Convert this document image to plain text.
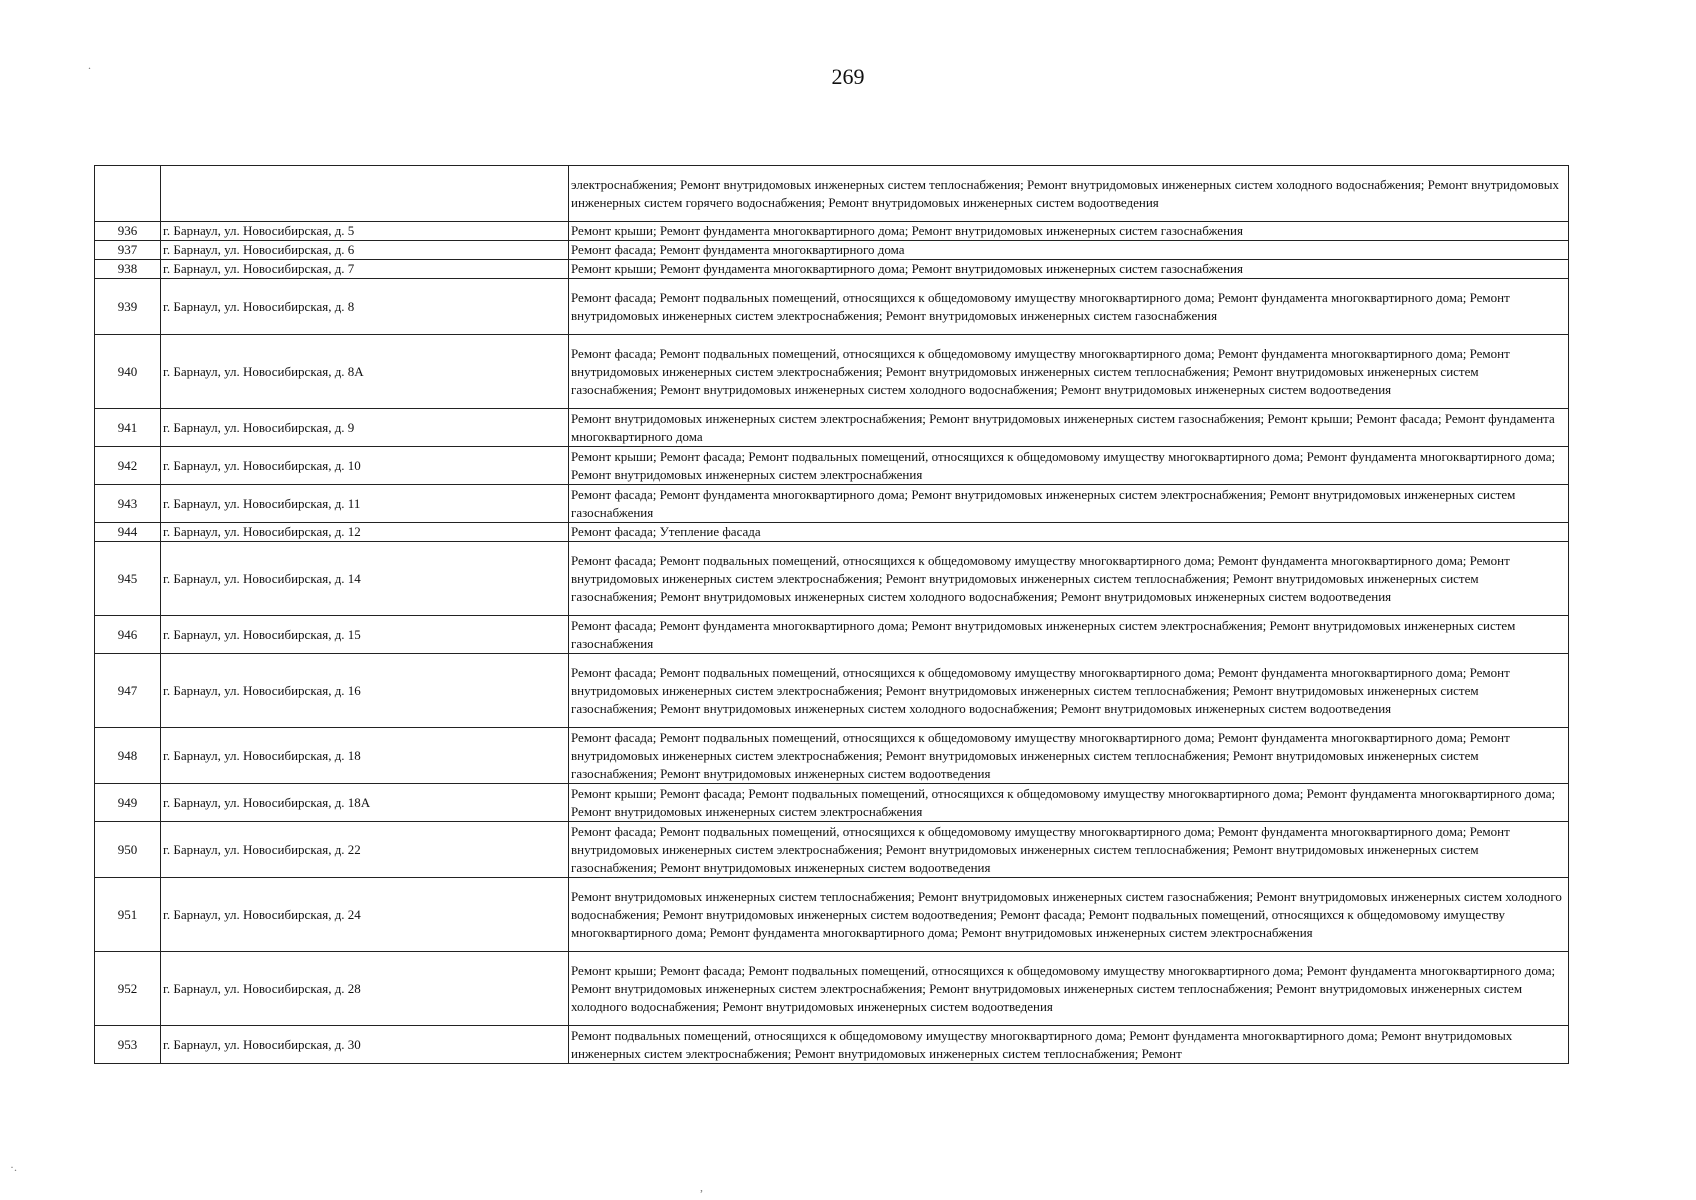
269
		электроснабжения; Ремонт внутридомовых инженерных систем теплоснабжения; Ремонт внутридомовых инженерных систем холодного водоснабжения; Ремонт внутридомовых инженерных систем горячего водоснабжения; Ремонт внутридомовых инженерных систем водоотведения
936	г. Барнаул, ул. Новосибирская, д. 5	Ремонт крыши; Ремонт фундамента многоквартирного дома; Ремонт внутридомовых инженерных систем газоснабжения
937	г. Барнаул, ул. Новосибирская, д. 6	Ремонт фасада; Ремонт фундамента многоквартирного дома
938	г. Барнаул, ул. Новосибирская, д. 7	Ремонт крыши; Ремонт фундамента многоквартирного дома; Ремонт внутридомовых инженерных систем газоснабжения
939	г. Барнаул, ул. Новосибирская, д. 8	Ремонт фасада; Ремонт подвальных помещений, относящихся к общедомовому имуществу многоквартирного дома; Ремонт фундамента многоквартирного дома; Ремонт внутридомовых инженерных систем электроснабжения; Ремонт внутридомовых инженерных систем газоснабжения
940	г. Барнаул, ул. Новосибирская, д. 8А	Ремонт фасада; Ремонт подвальных помещений, относящихся к общедомовому имуществу многоквартирного дома; Ремонт фундамента многоквартирного дома; Ремонт внутридомовых инженерных систем электроснабжения; Ремонт внутридомовых инженерных систем теплоснабжения; Ремонт внутридомовых инженерных систем газоснабжения; Ремонт внутридомовых инженерных систем холодного водоснабжения; Ремонт внутридомовых инженерных систем водоотведения
941	г. Барнаул, ул. Новосибирская, д. 9	Ремонт внутридомовых инженерных систем электроснабжения; Ремонт внутридомовых инженерных систем газоснабжения; Ремонт крыши; Ремонт фасада; Ремонт фундамента многоквартирного дома
942	г. Барнаул, ул. Новосибирская, д. 10	Ремонт крыши; Ремонт фасада; Ремонт подвальных помещений, относящихся к общедомовому имуществу многоквартирного дома; Ремонт фундамента многоквартирного дома; Ремонт внутридомовых инженерных систем электроснабжения
943	г. Барнаул, ул. Новосибирская, д. 11	Ремонт фасада; Ремонт фундамента многоквартирного дома; Ремонт внутридомовых инженерных систем электроснабжения; Ремонт внутридомовых инженерных систем газоснабжения
944	г. Барнаул, ул. Новосибирская, д. 12	Ремонт фасада; Утепление фасада
945	г. Барнаул, ул. Новосибирская, д. 14	Ремонт фасада; Ремонт подвальных помещений, относящихся к общедомовому имуществу многоквартирного дома; Ремонт фундамента многоквартирного дома; Ремонт внутридомовых инженерных систем электроснабжения; Ремонт внутридомовых инженерных систем теплоснабжения; Ремонт внутридомовых инженерных систем газоснабжения; Ремонт внутридомовых инженерных систем холодного водоснабжения; Ремонт внутридомовых инженерных систем водоотведения
946	г. Барнаул, ул. Новосибирская, д. 15	Ремонт фасада; Ремонт фундамента многоквартирного дома; Ремонт внутридомовых инженерных систем электроснабжения; Ремонт внутридомовых инженерных систем газоснабжения
947	г. Барнаул, ул. Новосибирская, д. 16	Ремонт фасада; Ремонт подвальных помещений, относящихся к общедомовому имуществу многоквартирного дома; Ремонт фундамента многоквартирного дома; Ремонт внутридомовых инженерных систем электроснабжения; Ремонт внутридомовых инженерных систем теплоснабжения; Ремонт внутридомовых инженерных систем газоснабжения; Ремонт внутридомовых инженерных систем холодного водоснабжения; Ремонт внутридомовых инженерных систем водоотведения
948	г. Барнаул, ул. Новосибирская, д. 18	Ремонт фасада; Ремонт подвальных помещений, относящихся к общедомовому имуществу многоквартирного дома; Ремонт фундамента многоквартирного дома; Ремонт внутридомовых инженерных систем электроснабжения; Ремонт внутридомовых инженерных систем теплоснабжения; Ремонт внутридомовых инженерных систем газоснабжения; Ремонт внутридомовых инженерных систем водоотведения
949	г. Барнаул, ул. Новосибирская, д. 18А	Ремонт крыши; Ремонт фасада; Ремонт подвальных помещений, относящихся к общедомовому имуществу многоквартирного дома; Ремонт фундамента многоквартирного дома; Ремонт внутридомовых инженерных систем электроснабжения
950	г. Барнаул, ул. Новосибирская, д. 22	Ремонт фасада; Ремонт подвальных помещений, относящихся к общедомовому имуществу многоквартирного дома; Ремонт фундамента многоквартирного дома; Ремонт внутридомовых инженерных систем электроснабжения; Ремонт внутридомовых инженерных систем теплоснабжения; Ремонт внутридомовых инженерных систем газоснабжения; Ремонт внутридомовых инженерных систем водоотведения
951	г. Барнаул, ул. Новосибирская, д. 24	Ремонт внутридомовых инженерных систем теплоснабжения; Ремонт внутридомовых инженерных систем газоснабжения; Ремонт внутридомовых инженерных систем холодного водоснабжения; Ремонт внутридомовых инженерных систем водоотведения; Ремонт фасада; Ремонт подвальных помещений, относящихся к общедомовому имуществу многоквартирного дома; Ремонт фундамента многоквартирного дома; Ремонт внутридомовых инженерных систем электроснабжения
952	г. Барнаул, ул. Новосибирская, д. 28	Ремонт крыши; Ремонт фасада; Ремонт подвальных помещений, относящихся к общедомовому имуществу многоквартирного дома; Ремонт фундамента многоквартирного дома; Ремонт внутридомовых инженерных систем электроснабжения; Ремонт внутридомовых инженерных систем теплоснабжения; Ремонт внутридомовых инженерных систем холодного водоснабжения; Ремонт внутридомовых инженерных систем водоотведения
953	г. Барнаул, ул. Новосибирская, д. 30	Ремонт подвальных помещений, относящихся к общедомовому имуществу многоквартирного дома; Ремонт фундамента многоквартирного дома; Ремонт внутридомовых инженерных систем электроснабжения; Ремонт внутридомовых инженерных систем теплоснабжения; Ремонт
.
·.
,
